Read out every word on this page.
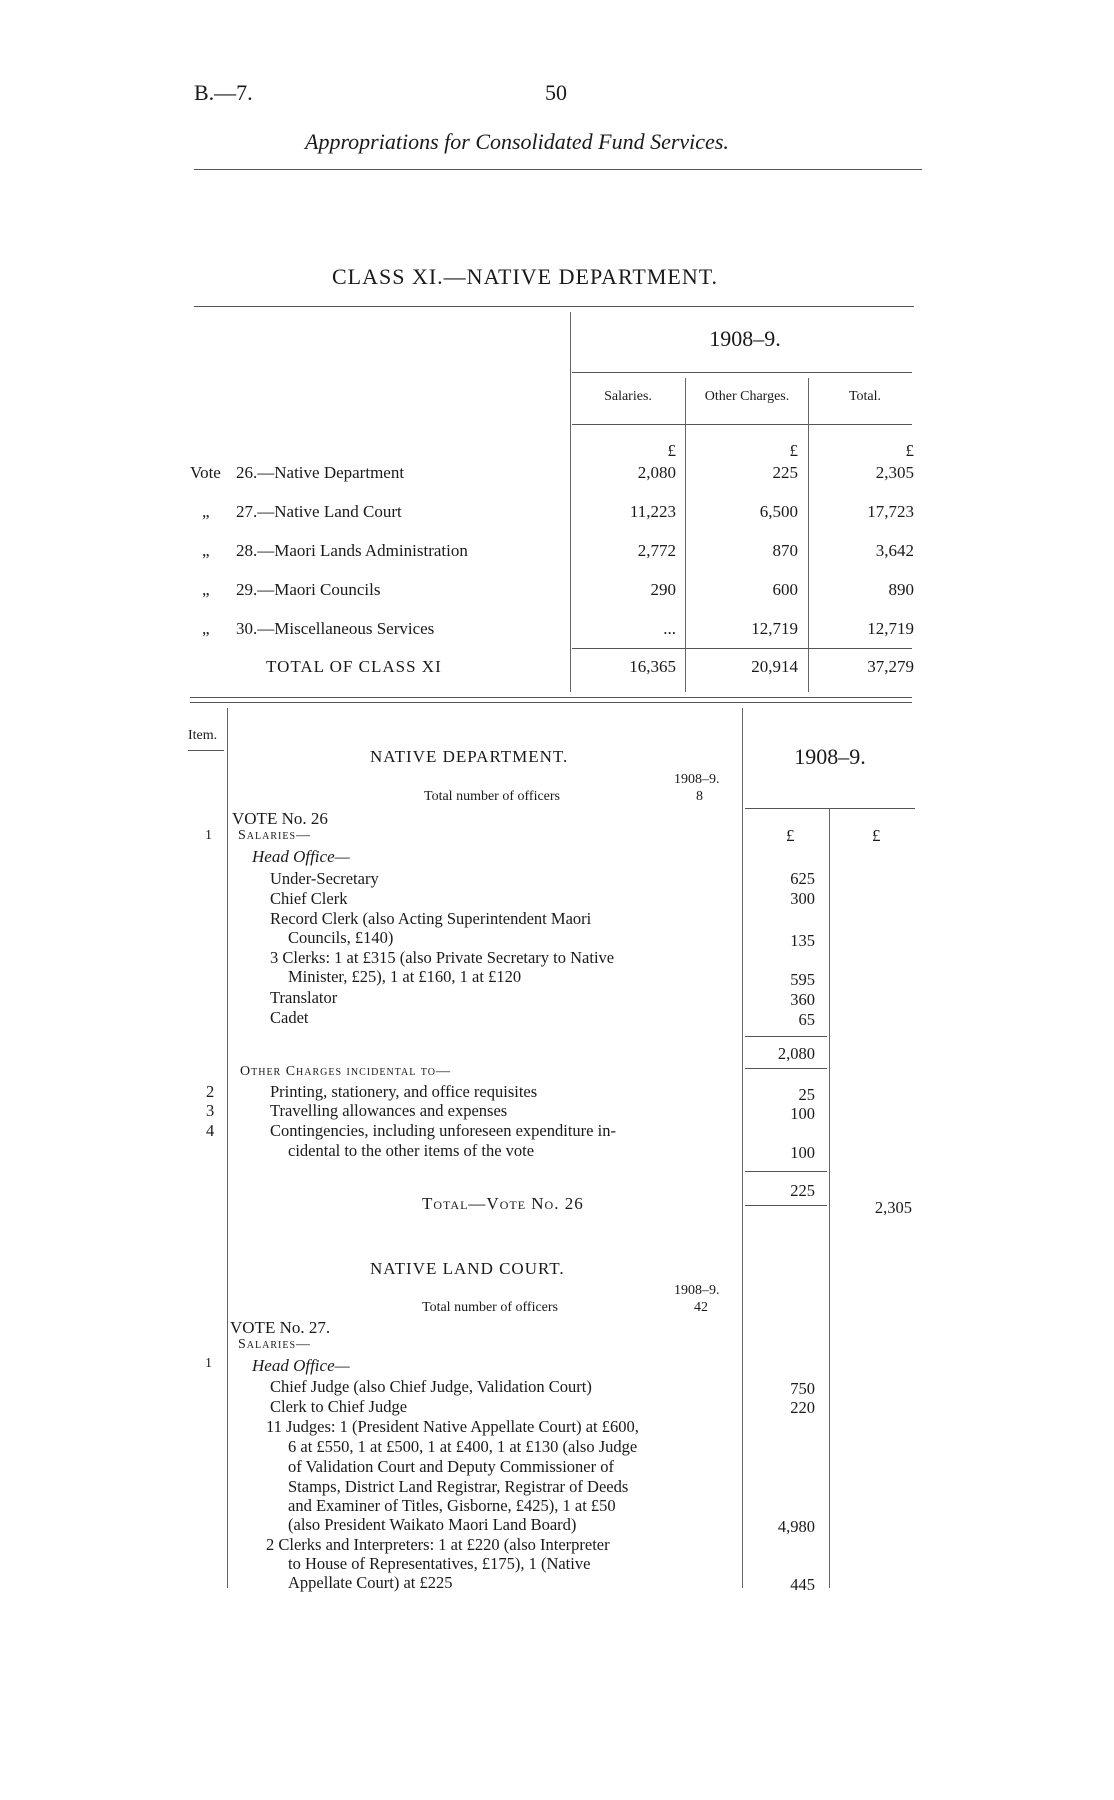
B.—7.	50
Appropriations for Consolidated Fund Services.
CLASS XI.—NATIVE DEPARTMENT.
1908–9.
Salaries.	Other Charges.	Total.
£	£	£
Vote 26.—Native Department	2,080	225	2,305
„ 27.—Native Land Court	11,223	6,500	17,723
„ 28.—Maori Lands Administration	2,772	870	3,642
„ 29.—Maori Councils	290	600	890
„ 30.—Miscellaneous Services	...	12,719	12,719
TOTAL OF CLASS XI	16,365	20,914	37,279
Item.
1908–9.
£	£
NATIVE DEPARTMENT.
1908–9.
Total number of officers	8
VOTE No. 26
1 Salaries—
Head Office—
Under-Secretary	625
Chief Clerk	300
Record Clerk (also Acting Superintendent Maori
Councils, £140)	135
3 Clerks: 1 at £315 (also Private Secretary to Native
Minister, £25), 1 at £160, 1 at £120	595
Translator	360
Cadet	65
2,080
Other Charges incidental to—
2	Printing, stationery, and office requisites	25
3	Travelling allowances and expenses	100
4	Contingencies, including unforeseen expenditure in-
cidental to the other items of the vote	100
225
Total—Vote No. 26	2,305
NATIVE LAND COURT.
1908–9.
Total number of officers	42
VOTE No. 27.
Salaries—
1 Head Office—
Chief Judge (also Chief Judge, Validation Court)	750
Clerk to Chief Judge	220
11 Judges: 1 (President Native Appellate Court) at £600,
6 at £550, 1 at £500, 1 at £400, 1 at £130 (also Judge
of Validation Court and Deputy Commissioner of
Stamps, District Land Registrar, Registrar of Deeds
and Examiner of Titles, Gisborne, £425), 1 at £50
(also President Waikato Maori Land Board)	4,980
2 Clerks and Interpreters: 1 at £220 (also Interpreter
to House of Representatives, £175), 1 (Native
Appellate Court) at £225	445
